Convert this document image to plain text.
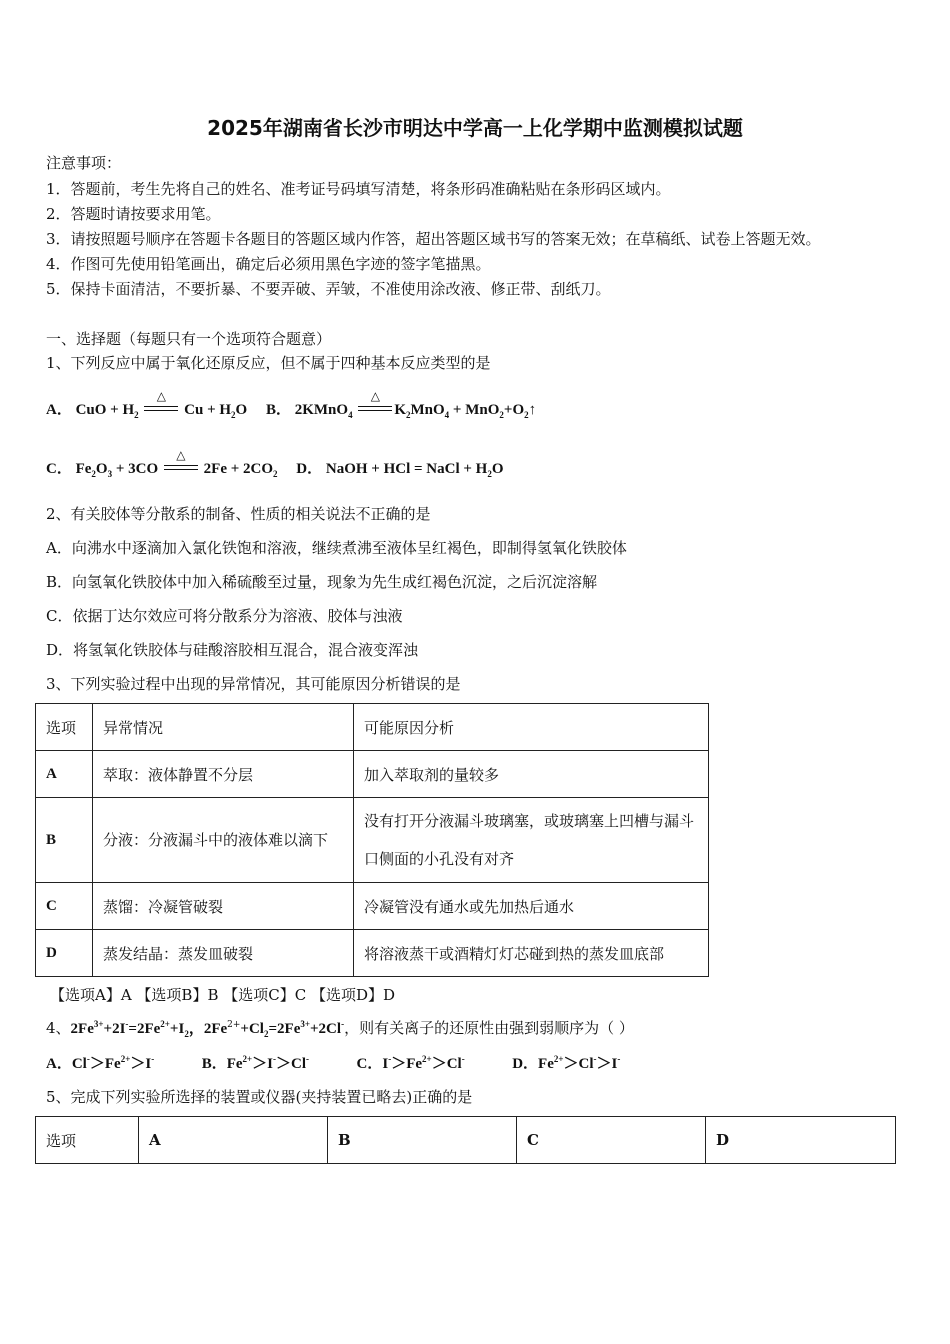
2025年湖南省长沙市明达中学高一上化学期中监测模拟试题
注意事项：
1．答题前，考生先将自己的姓名、准考证号码填写清楚，将条形码准确粘贴在条形码区域内。
2．答题时请按要求用笔。
3．请按照题号顺序在答题卡各题目的答题区域内作答，超出答题区域书写的答案无效；在草稿纸、试卷上答题无效。
4．作图可先使用铅笔画出，确定后必须用黑色字迹的签字笔描黑。
5．保持卡面清洁，不要折暴、不要弄破、弄皱，不准使用涂改液、修正带、刮纸刀。
一、选择题（每题只有一个选项符合题意）
1、下列反应中属于氧化还原反应，但不属于四种基本反应类型的是
A． CuO + $H_2$
△
$Cu + H_2O$ B． 2KMnO$_4$
△
$K_2MnO_4$ + $MnO_2+O_2↑$
C． $Fe_2O_3 + 3CO$
△
$2Fe + 2CO_2$ D． NaOH + HCl = NaCl + $H_2O$
2、有关胶体等分散系的制备、性质的相关说法不正确的是
A．向沸水中逐滴加入氯化铁饱和溶液，继续煮沸至液体呈红褐色，即制得氢氧化铁胶体
B．向氢氧化铁胶体中加入稀硫酸至过量，现象为先生成红褐色沉淀，之后沉淀溶解
C．依据丁达尔效应可将分散系分为溶液、胶体与浊液
D．将氢氧化铁胶体与硅酸溶胶相互混合，混合液变浑浊
3、下列实验过程中出现的异常情况，其可能原因分析错误的是
选项	异常情况	可能原因分析
A	萃取：液体静置不分层	加入萃取剂的量较多
B	分液：分液漏斗中的液体难以滴下	没有打开分液漏斗玻璃塞，或玻璃塞上凹槽与漏斗口侧面的小孔没有对齐
C	蒸馏：冷凝管破裂	冷凝管没有通水或先加热后通水
D	蒸发结晶：蒸发皿破裂	将溶液蒸干或酒精灯灯芯碰到热的蒸发皿底部
【选项A】A 【选项B】B 【选项C】C 【选项D】D
4、$2Fe^{3+}+2I^-=2Fe^{2+}+I_2$，$2Fe^{2+}+Cl_2=2Fe^{3+}+2Cl^-$，则有关离子的还原性由强到弱顺序为（ ）
A．$Cl^->Fe^{2+}>I^-$	B．$Fe^{2+}>I^->Cl^-$	C．$I^->Fe^{2+}>Cl^-$	D．$Fe^{2+}>Cl^->I^-$
5、完成下列实验所选择的装置或仪器(夹持装置已略去)正确的是
选项	A	B	C	D
